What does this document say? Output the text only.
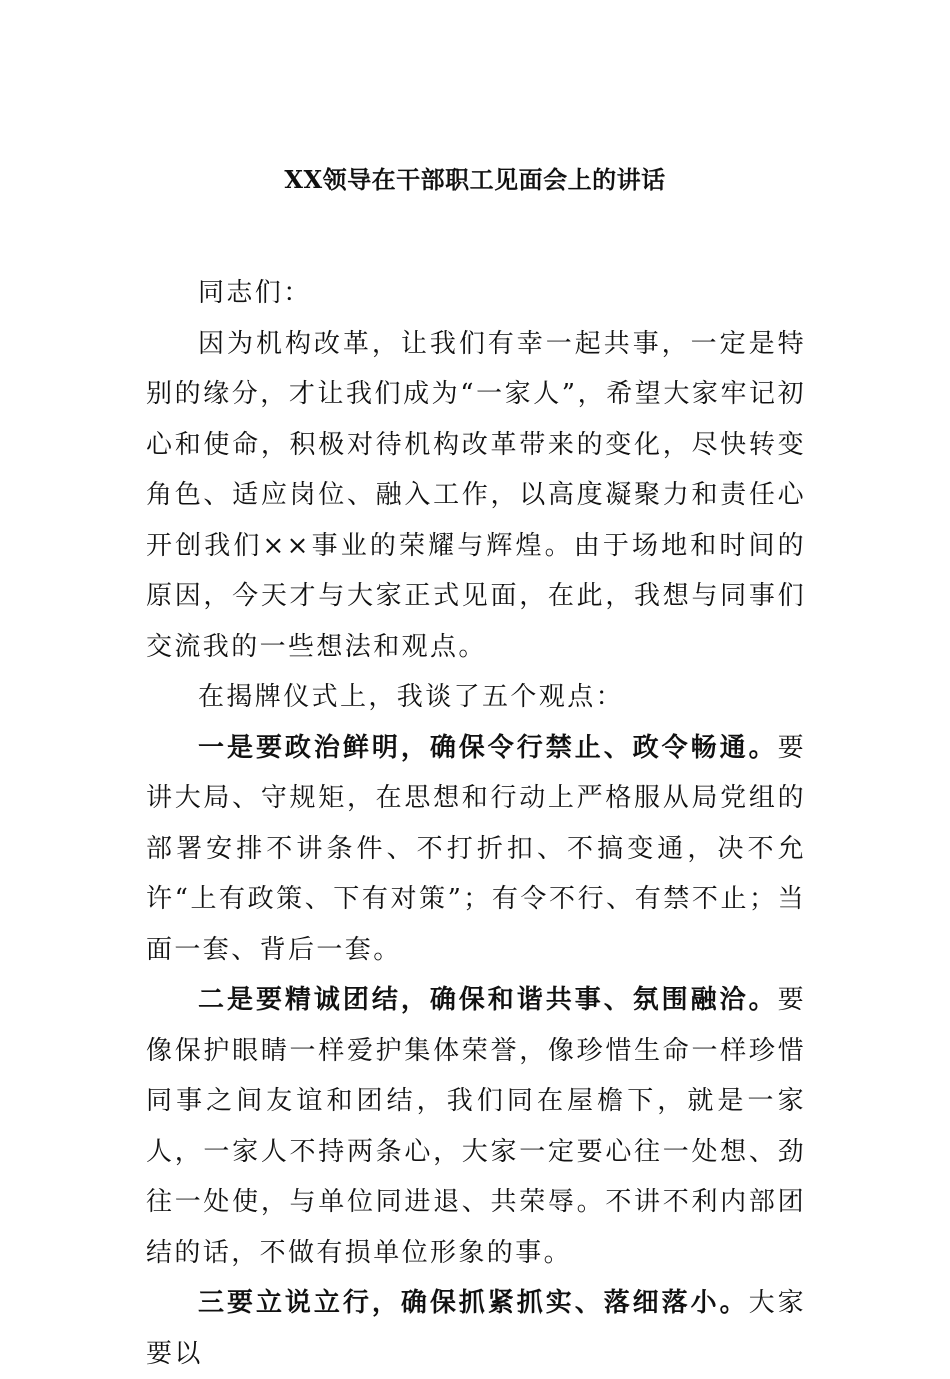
XX领导在干部职工见面会上的讲话

同志们：

因为机构改革，让我们有幸一起共事，一定是特别的缘分，才让我们成为“一家人”，希望大家牢记初心和使命，积极对待机构改革带来的变化，尽快转变角色、适应岗位、融入工作，以高度凝聚力和责任心开创我们××事业的荣耀与辉煌。由于场地和时间的原因，今天才与大家正式见面，在此，我想与同事们交流我的一些想法和观点。

在揭牌仪式上，我谈了五个观点：

一是要政治鲜明，确保令行禁止、政令畅通。要讲大局、守规矩，在思想和行动上严格服从局党组的部署安排不讲条件、不打折扣、不搞变通，决不允许“上有政策、下有对策”；有令不行、有禁不止；当面一套、背后一套。

二是要精诚团结，确保和谐共事、氛围融洽。要像保护眼睛一样爱护集体荣誉，像珍惜生命一样珍惜同事之间友谊和团结，我们同在屋檐下，就是一家人，一家人不持两条心，大家一定要心往一处想、劲往一处使，与单位同进退、共荣辱。不讲不利内部团结的话，不做有损单位形象的事。

三要立说立行，确保抓紧抓实、落细落小。大家要以
